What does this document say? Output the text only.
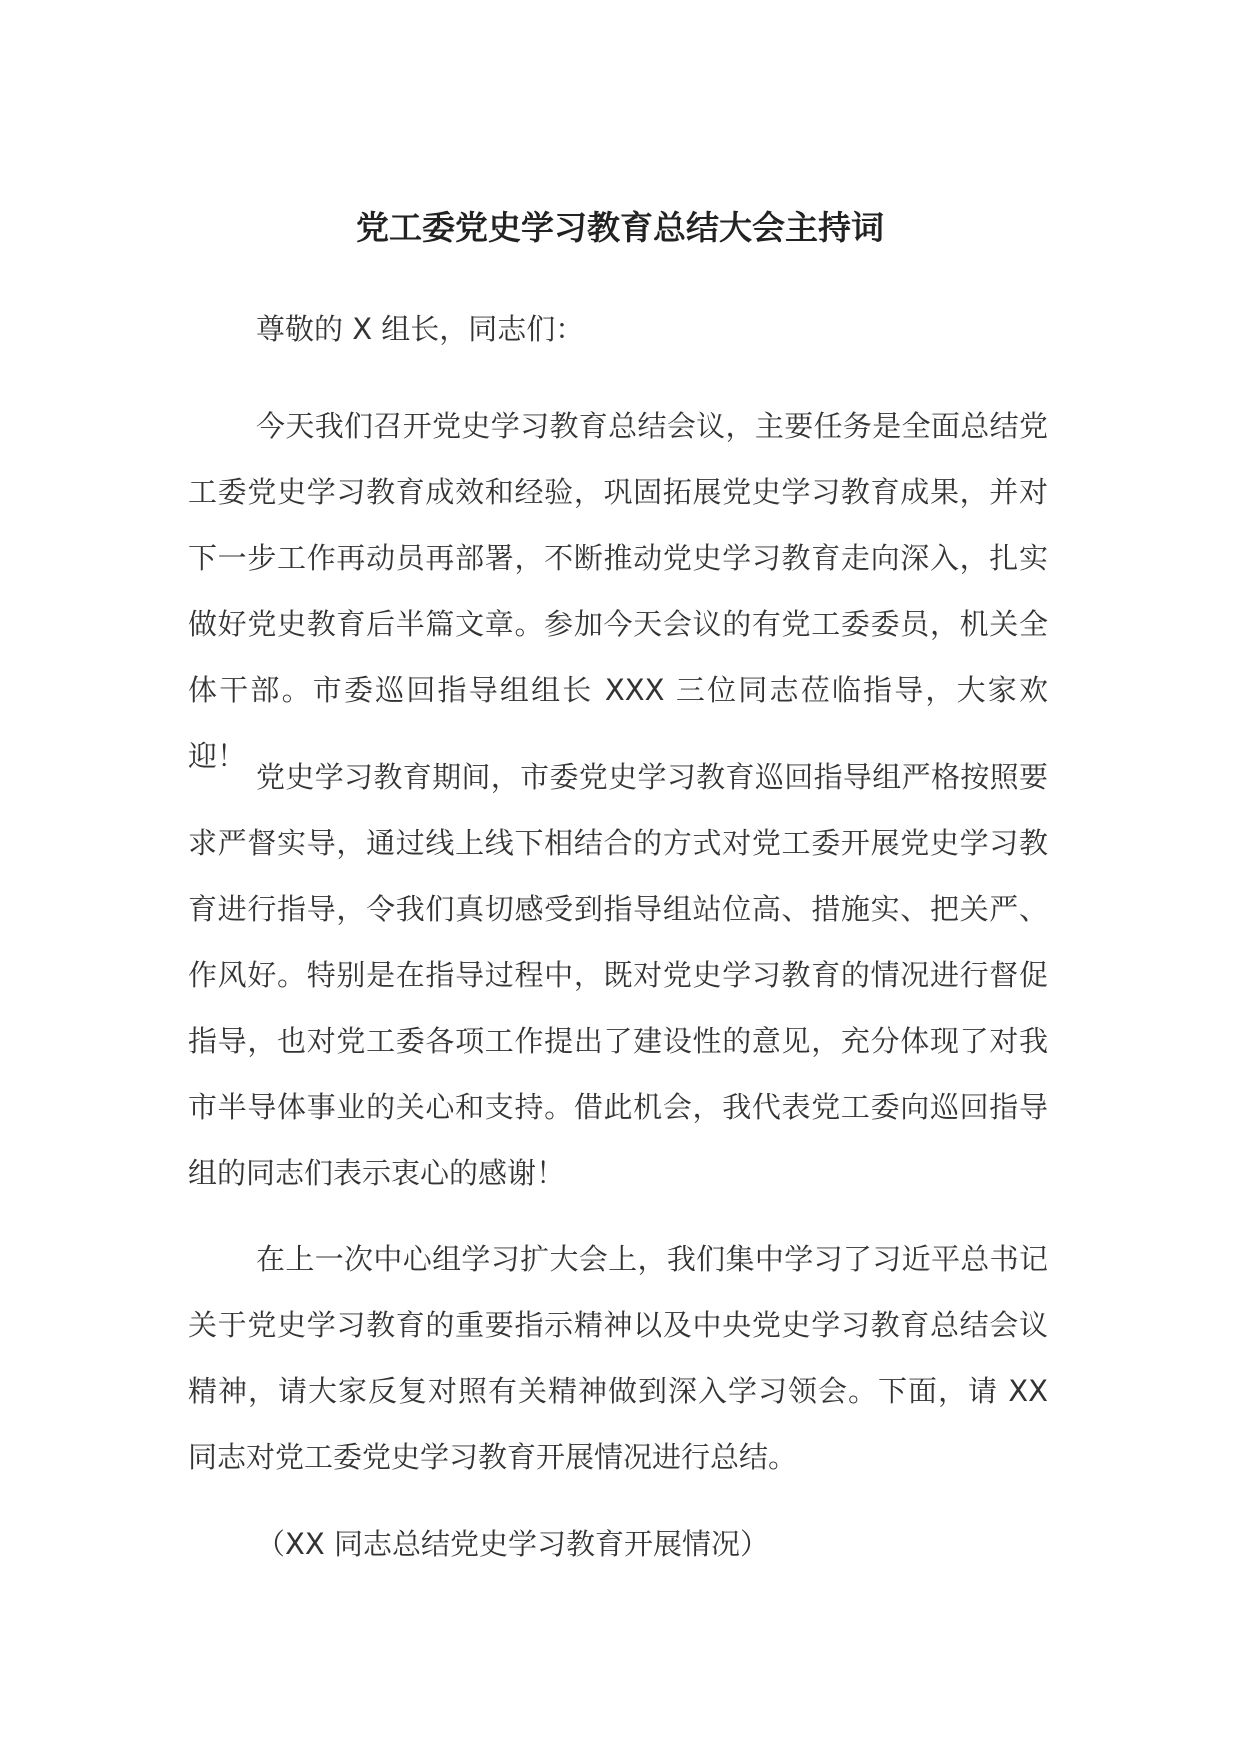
党工委党史学习教育总结大会主持词

尊敬的 X 组长，同志们：

今天我们召开党史学习教育总结会议，主要任务是全面总结党工委党史学习教育成效和经验，巩固拓展党史学习教育成果，并对下一步工作再动员再部署，不断推动党史学习教育走向深入，扎实做好党史教育后半篇文章。参加今天会议的有党工委委员，机关全体干部。市委巡回指导组组长 XXX 三位同志莅临指导，大家欢迎！

党史学习教育期间，市委党史学习教育巡回指导组严格按照要求严督实导，通过线上线下相结合的方式对党工委开展党史学习教育进行指导，令我们真切感受到指导组站位高、措施实、把关严、作风好。特别是在指导过程中，既对党史学习教育的情况进行督促指导，也对党工委各项工作提出了建设性的意见，充分体现了对我市半导体事业的关心和支持。借此机会，我代表党工委向巡回指导组的同志们表示衷心的感谢！

在上一次中心组学习扩大会上，我们集中学习了习近平总书记关于党史学习教育的重要指示精神以及中央党史学习教育总结会议精神，请大家反复对照有关精神做到深入学习领会。下面，请 XX 同志对党工委党史学习教育开展情况进行总结。

（XX 同志总结党史学习教育开展情况）
